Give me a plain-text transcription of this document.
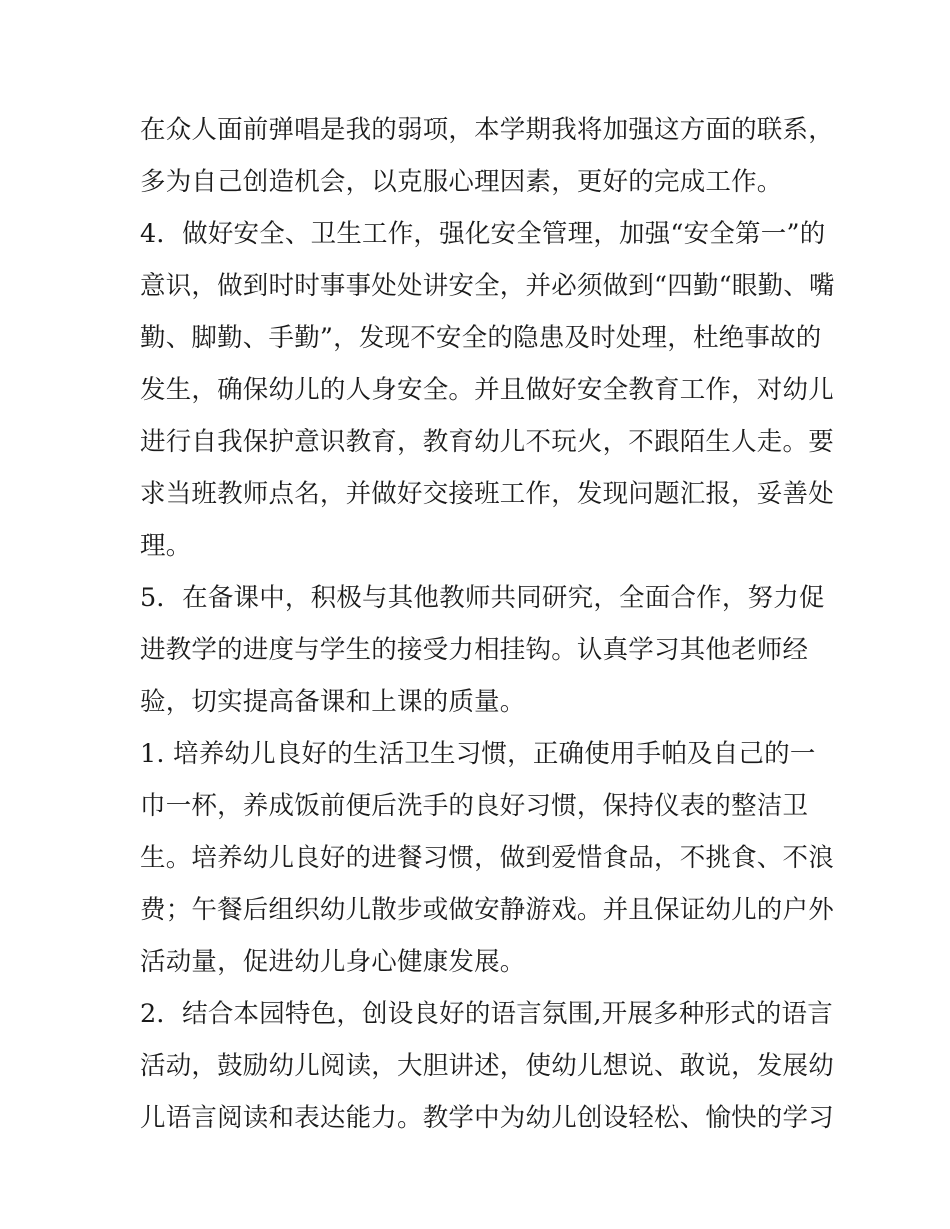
在众人面前弹唱是我的弱项，本学期我将加强这方面的联系，
多为自己创造机会，以克服心理因素，更好的完成工作。
4．做好安全、卫生工作，强化安全管理，加强“安全第一”的
意识，做到时时事事处处讲安全，并必须做到“四勤“眼勤、嘴
勤、脚勤、手勤”，发现不安全的隐患及时处理，杜绝事故的
发生，确保幼儿的人身安全。并且做好安全教育工作，对幼儿
进行自我保护意识教育，教育幼儿不玩火，不跟陌生人走。要
求当班教师点名，并做好交接班工作，发现问题汇报，妥善处
理。
5．在备课中，积极与其他教师共同研究，全面合作，努力促
进教学的进度与学生的接受力相挂钩。认真学习其他老师经
验，切实提高备课和上课的质量。
1. 培养幼儿良好的生活卫生习惯，正确使用手帕及自己的一
巾一杯，养成饭前便后洗手的良好习惯，保持仪表的整洁卫
生。培养幼儿良好的进餐习惯，做到爱惜食品，不挑食、不浪
费；午餐后组织幼儿散步或做安静游戏。并且保证幼儿的户外
活动量，促进幼儿身心健康发展。
2．结合本园特色，创设良好的语言氛围,开展多种形式的语言
活动，鼓励幼儿阅读，大胆讲述，使幼儿想说、敢说，发展幼
儿语言阅读和表达能力。教学中为幼儿创设轻松、愉快的学习
